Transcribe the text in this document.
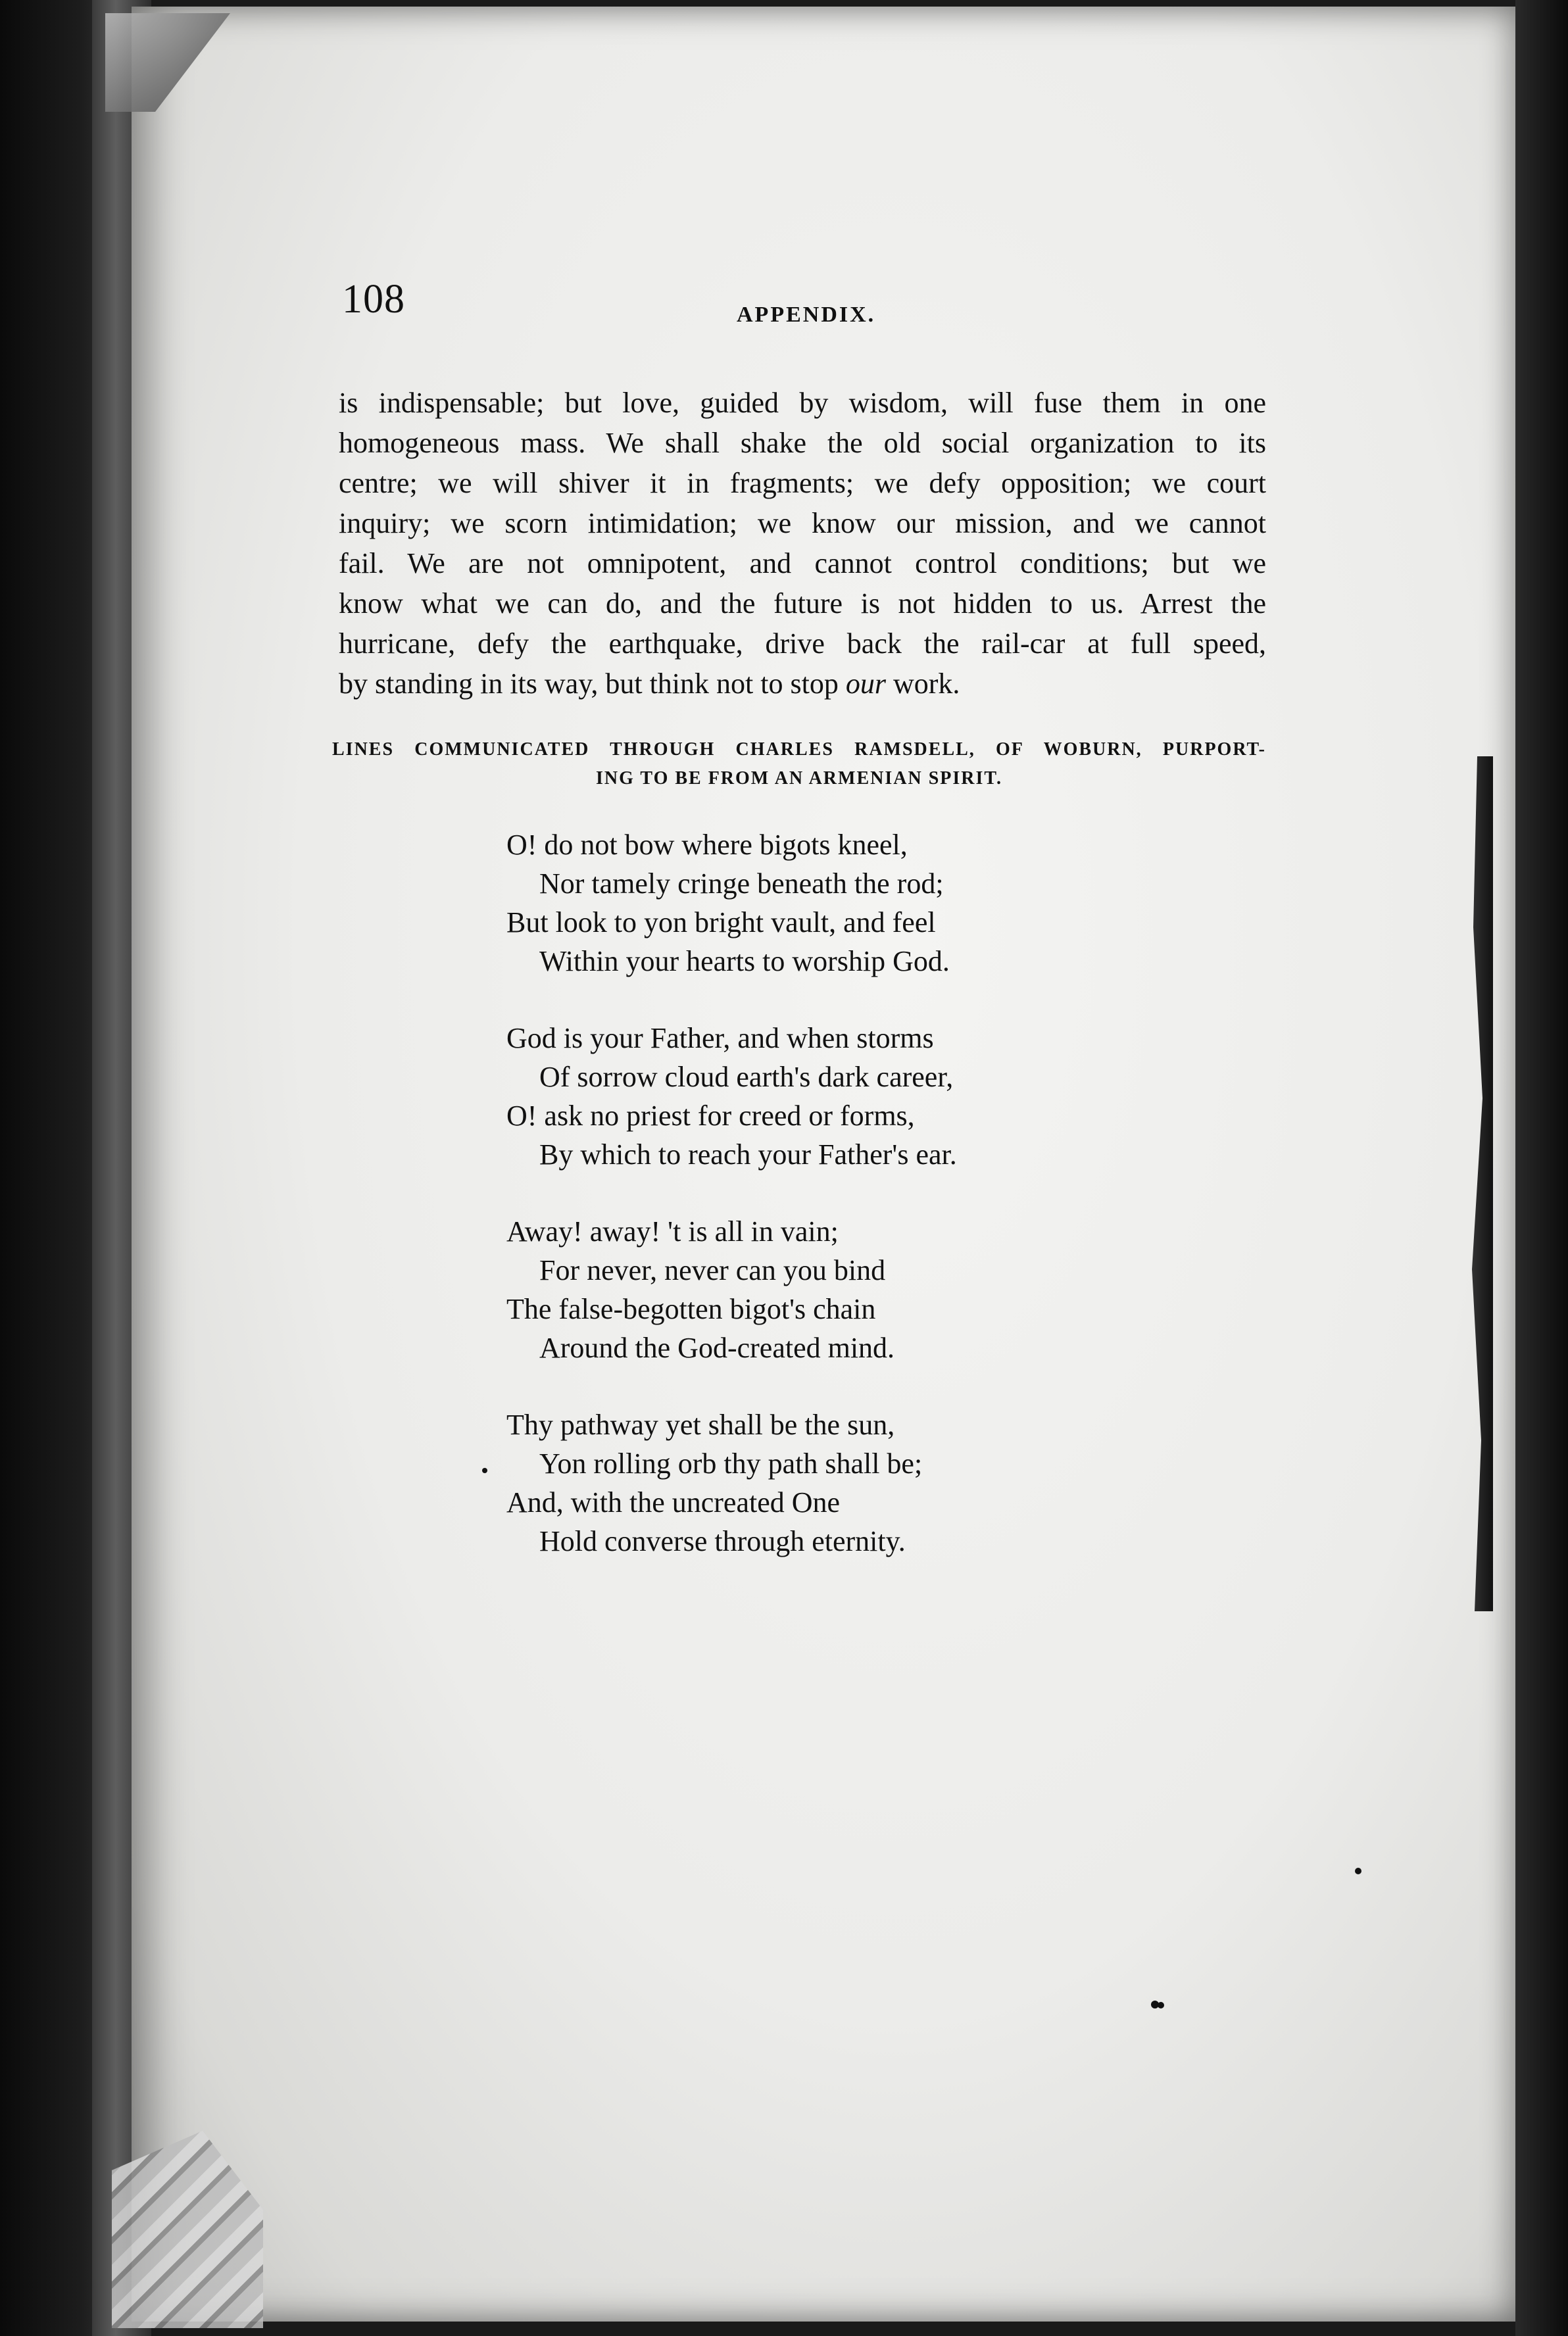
108	APPENDIX.
is indispensable; but love, guided by wisdom, will fuse them in one
homogeneous mass. We shall shake the old social organization to its
centre; we will shiver it in fragments; we defy opposition; we court
inquiry; we scorn intimidation; we know our mission, and we cannot
fail. We are not omnipotent, and cannot control conditions; but we
know what we can do, and the future is not hidden to us. Arrest the
hurricane, defy the earthquake, drive back the rail-car at full speed,
by standing in its way, but think not to stop our work.
LINES COMMUNICATED THROUGH CHARLES RAMSDELL, OF WOBURN, PURPORT-
ING TO BE FROM AN ARMENIAN SPIRIT.
O! do not bow where bigots kneel,
Nor tamely cringe beneath the rod;
But look to yon bright vault, and feel
Within your hearts to worship God.
God is your Father, and when storms
Of sorrow cloud earth's dark career,
O! ask no priest for creed or forms,
By which to reach your Father's ear.
Away! away! 't is all in vain;
For never, never can you bind
The false-begotten bigot's chain
Around the God-created mind.
Thy pathway yet shall be the sun,
Yon rolling orb thy path shall be;
And, with the uncreated One
Hold converse through eternity.
